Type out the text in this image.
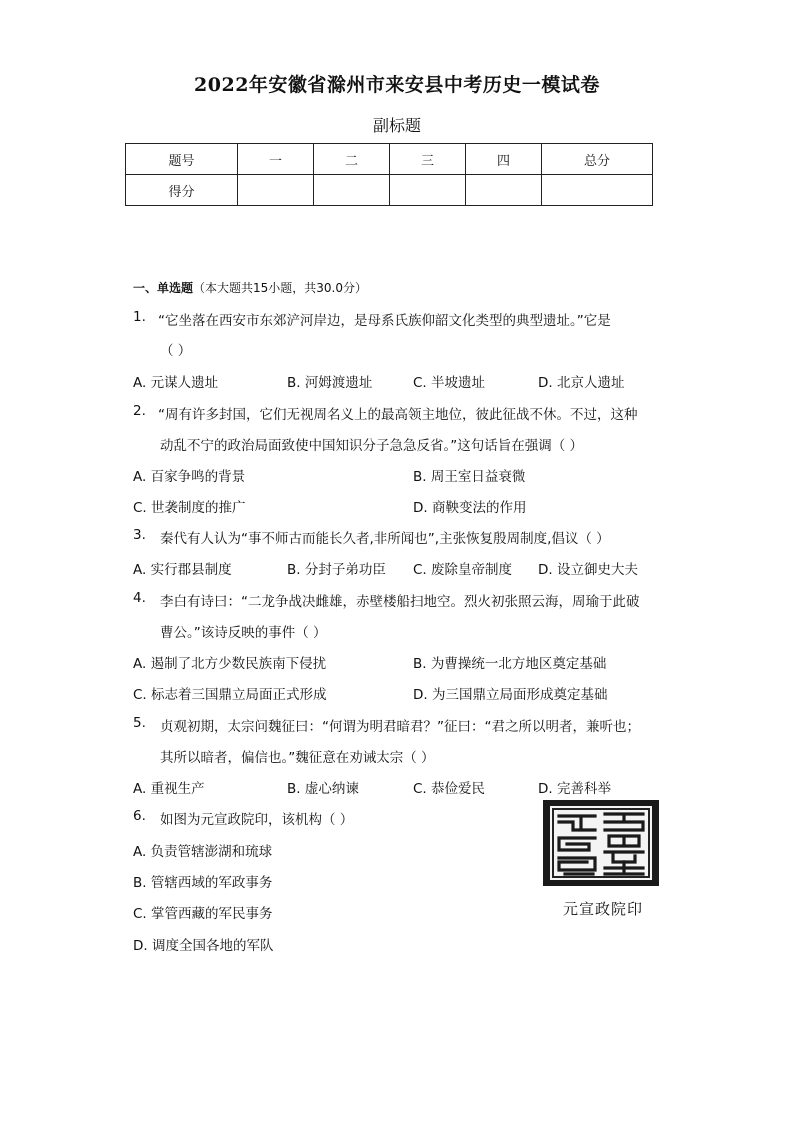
2022年安徽省滁州市来安县中考历史一模试卷
副标题
题号	一	二	三	四	总分
得分					
一、单选题（本大题共15小题，共30.0分）
1. “它坐落在西安市东郊浐河岸边，是母系氏族仰韶文化类型的典型遗址。”它是
（ ）
A. 元谋人遗址	B. 河姆渡遗址	C. 半坡遗址	D. 北京人遗址
2. “周有许多封国，它们无视周名义上的最高领主地位，彼此征战不休。不过，这种
动乱不宁的政治局面致使中国知识分子急急反省。”这句话旨在强调（ ）
A. 百家争鸣的背景	B. 周王室日益衰微
C. 世袭制度的推广	D. 商鞅变法的作用
3. 秦代有人认为“事不师古而能长久者,非所闻也”,主张恢复殷周制度,倡议（ ）
A. 实行郡县制度	B. 分封子弟功臣 C. 废除皇帝制度 D. 设立御史大夫
4. 李白有诗曰：“二龙争战决雌雄，赤壁楼船扫地空。烈火初张照云海，周瑜于此破
曹公。”该诗反映的事件（ ）
A. 遏制了北方少数民族南下侵扰	B. 为曹操统一北方地区奠定基础
C. 标志着三国鼎立局面正式形成	D. 为三国鼎立局面形成奠定基础
5. 贞观初期，太宗问魏征曰：“何谓为明君暗君？”征曰：“君之所以明者，兼听也；
其所以暗者，偏信也。”魏征意在劝诫太宗（ ）
A. 重视生产	B. 虚心纳谏	C. 恭俭爱民	D. 完善科举
6. 如图为元宣政院印，该机构（ ）
A. 负责管辖澎湖和琉球
B. 管辖西域的军政事务
C. 掌管西藏的军民事务
D. 调度全国各地的军队
元宣政院印
